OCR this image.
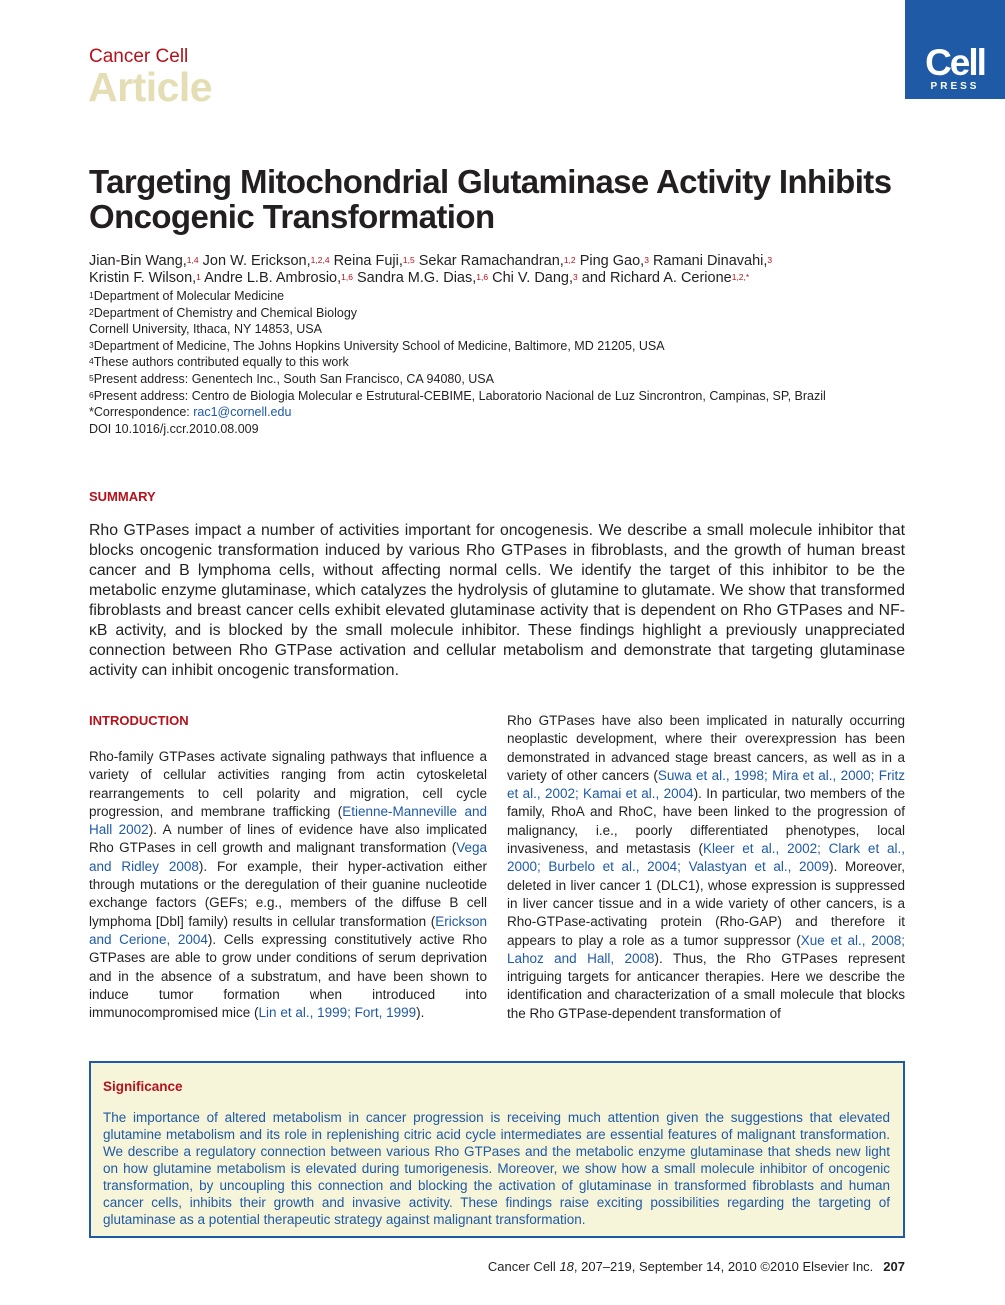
Cancer Cell
Article
Cell
PRESS
Targeting Mitochondrial Glutaminase Activity Inhibits Oncogenic Transformation
Jian-Bin Wang,$^{1,4}$ Jon W. Erickson,$^{1,2,4}$ Reina Fuji,$^{1,5}$ Sekar Ramachandran,$^{1,2}$ Ping Gao,$^3$ Ramani Dinavahi,$^3$
Kristin F. Wilson,$^1$ Andre L.B. Ambrosio,$^{1,6}$ Sandra M.G. Dias,$^{1,6}$ Chi V. Dang,$^3$ and Richard A. Cerione$^{1,2,*}$
$^1$Department of Molecular Medicine
$^2$Department of Chemistry and Chemical Biology
Cornell University, Ithaca, NY 14853, USA
$^3$Department of Medicine, The Johns Hopkins University School of Medicine, Baltimore, MD 21205, USA
$^4$These authors contributed equally to this work
$^5$Present address: Genentech Inc., South San Francisco, CA 94080, USA
$^6$Present address: Centro de Biologia Molecular e Estrutural-CEBIME, Laboratorio Nacional de Luz Sincrontron, Campinas, SP, Brazil
*Correspondence: rac1@cornell.edu
DOI 10.1016/j.ccr.2010.08.009
SUMMARY
Rho GTPases impact a number of activities important for oncogenesis. We describe a small molecule inhibitor that blocks oncogenic transformation induced by various Rho GTPases in fibroblasts, and the growth of human breast cancer and B lymphoma cells, without affecting normal cells. We identify the target of this inhibitor to be the metabolic enzyme glutaminase, which catalyzes the hydrolysis of glutamine to glutamate. We show that transformed fibroblasts and breast cancer cells exhibit elevated glutaminase activity that is dependent on Rho GTPases and NF-κB activity, and is blocked by the small molecule inhibitor. These findings highlight a previously unappreciated connection between Rho GTPase activation and cellular metabolism and demonstrate that targeting glutaminase activity can inhibit oncogenic transformation.
INTRODUCTION
Rho-family GTPases activate signaling pathways that influence a variety of cellular activities ranging from actin cytoskeletal rearrangements to cell polarity and migration, cell cycle progression, and membrane trafficking (Etienne-Manneville and Hall 2002). A number of lines of evidence have also implicated Rho GTPases in cell growth and malignant transformation (Vega and Ridley 2008). For example, their hyper-activation either through mutations or the deregulation of their guanine nucleotide exchange factors (GEFs; e.g., members of the diffuse B cell lymphoma [Dbl] family) results in cellular transformation (Erickson and Cerione, 2004). Cells expressing constitutively active Rho GTPases are able to grow under conditions of serum deprivation and in the absence of a substratum, and have been shown to induce tumor formation when introduced into immunocompromised mice (Lin et al., 1999; Fort, 1999).
Rho GTPases have also been implicated in naturally occurring neoplastic development, where their overexpression has been demonstrated in advanced stage breast cancers, as well as in a variety of other cancers (Suwa et al., 1998; Mira et al., 2000; Fritz et al., 2002; Kamai et al., 2004). In particular, two members of the family, RhoA and RhoC, have been linked to the progression of malignancy, i.e., poorly differentiated phenotypes, local invasiveness, and metastasis (Kleer et al., 2002; Clark et al., 2000; Burbelo et al., 2004; Valastyan et al., 2009). Moreover, deleted in liver cancer 1 (DLC1), whose expression is suppressed in liver cancer tissue and in a wide variety of other cancers, is a Rho-GTPase-activating protein (Rho-GAP) and therefore it appears to play a role as a tumor suppressor (Xue et al., 2008; Lahoz and Hall, 2008). Thus, the Rho GTPases represent intriguing targets for anticancer therapies. Here we describe the identification and characterization of a small molecule that blocks the Rho GTPase-dependent transformation of
Significance
The importance of altered metabolism in cancer progression is receiving much attention given the suggestions that elevated glutamine metabolism and its role in replenishing citric acid cycle intermediates are essential features of malignant transformation. We describe a regulatory connection between various Rho GTPases and the metabolic enzyme glutaminase that sheds new light on how glutamine metabolism is elevated during tumorigenesis. Moreover, we show how a small molecule inhibitor of oncogenic transformation, by uncoupling this connection and blocking the activation of glutaminase in transformed fibroblasts and human cancer cells, inhibits their growth and invasive activity. These findings raise exciting possibilities regarding the targeting of glutaminase as a potential therapeutic strategy against malignant transformation.
Cancer Cell 18, 207–219, September 14, 2010 ©2010 Elsevier Inc. 207
